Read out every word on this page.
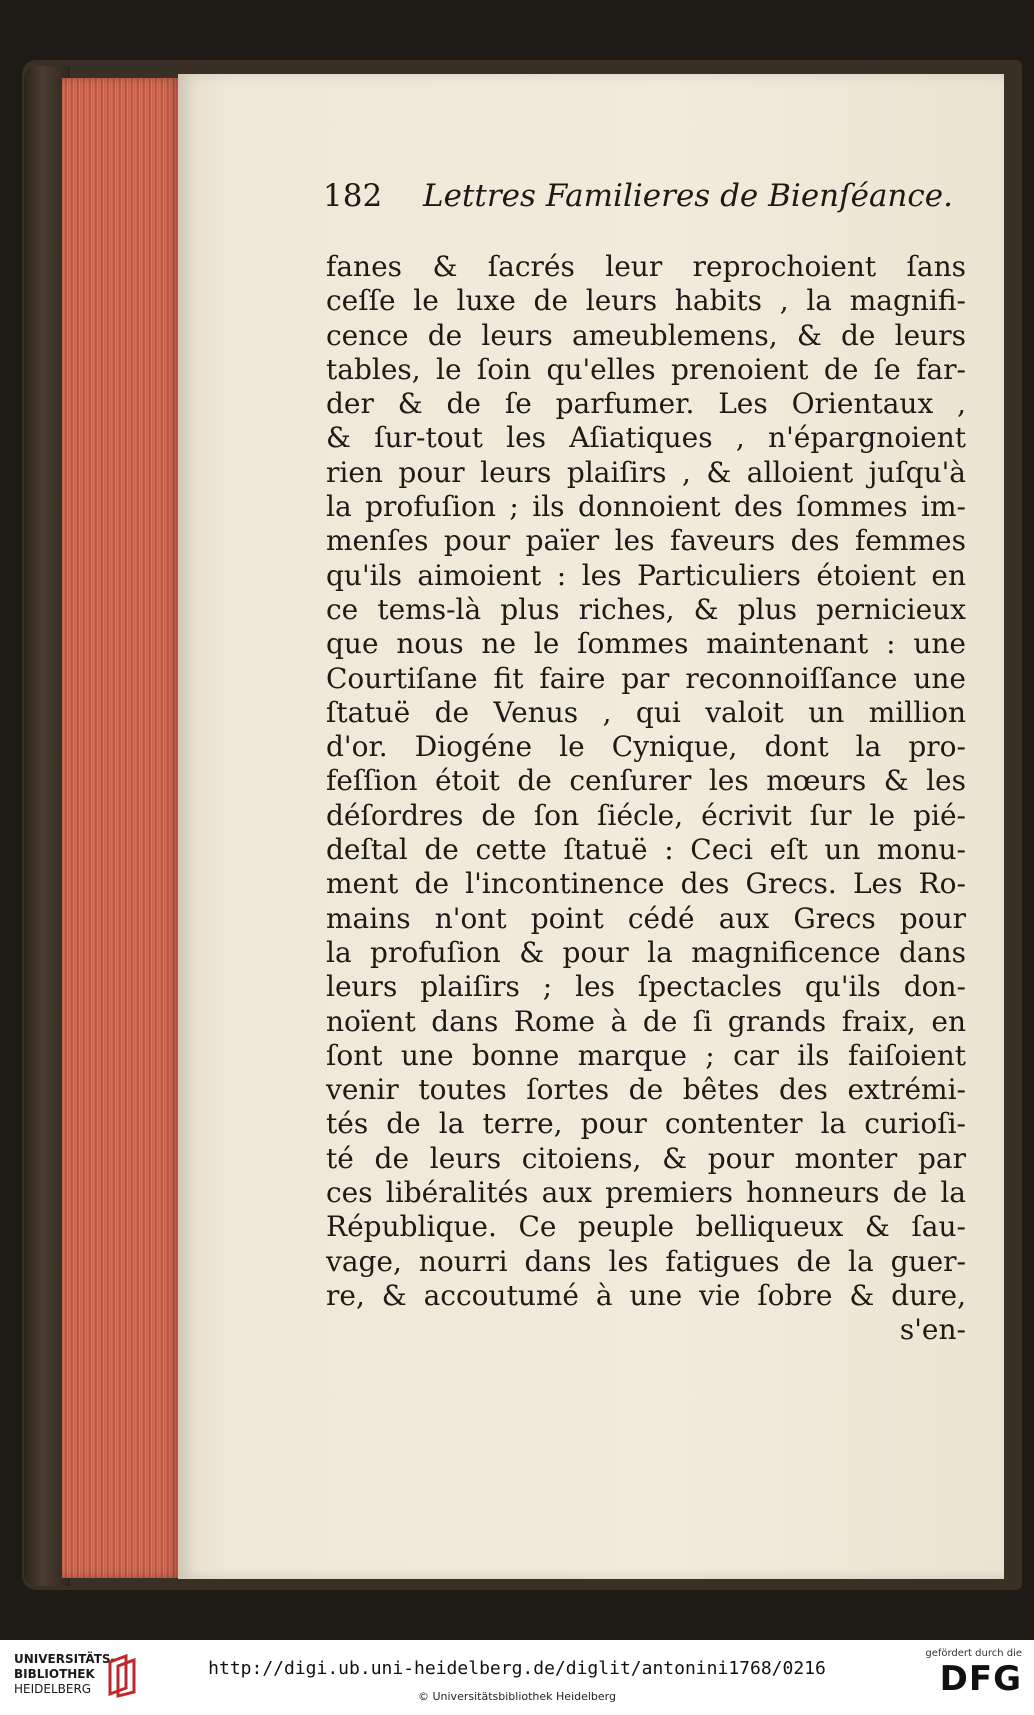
182 Lettres Familieres de Bienſéance.
fanes & ſacrés leur reprochoient ſans
ceſſe le luxe de leurs habits , la magnifi-
cence de leurs ameublemens, & de leurs
tables, le ſoin qu'elles prenoient de ſe far-
der & de ſe parfumer. Les Orientaux ,
& ſur-tout les Aſiatiques , n'épargnoient
rien pour leurs plaiſirs , & alloient juſqu'à
la profuſion ; ils donnoient des ſommes im-
menſes pour païer les faveurs des femmes
qu'ils aimoient : les Particuliers étoient en
ce tems-là plus riches, & plus pernicieux
que nous ne le ſommes maintenant : une
Courtiſane fit faire par reconnoiſſance une
ſtatuë de Venus , qui valoit un million
d'or. Diogéne le Cynique, dont la pro-
feſſion étoit de cenſurer les mœurs & les
déſordres de ſon ſiécle, écrivit ſur le pié-
deſtal de cette ſtatuë : Ceci eſt un monu-
ment de l'incontinence des Grecs. Les Ro-
mains n'ont point cédé aux Grecs pour
la profuſion & pour la magnificence dans
leurs plaiſirs ; les ſpectacles qu'ils don-
noïent dans Rome à de ſi grands fraix, en
ſont une bonne marque ; car ils faiſoient
venir toutes ſortes de bêtes des extrémi-
tés de la terre, pour contenter la curioſi-
té de leurs citoiens, & pour monter par
ces libéralités aux premiers honneurs de la
République. Ce peuple belliqueux & ſau-
vage, nourri dans les fatigues de la guer-
re, & accoutumé à une vie ſobre & dure,
s'en-
UNIVERSITÄTS-
BIBLIOTHEK
HEIDELBERG
http://digi.ub.uni-heidelberg.de/diglit/antonini1768/0216
© Universitätsbibliothek Heidelberg
gefördert durch die
DFG
